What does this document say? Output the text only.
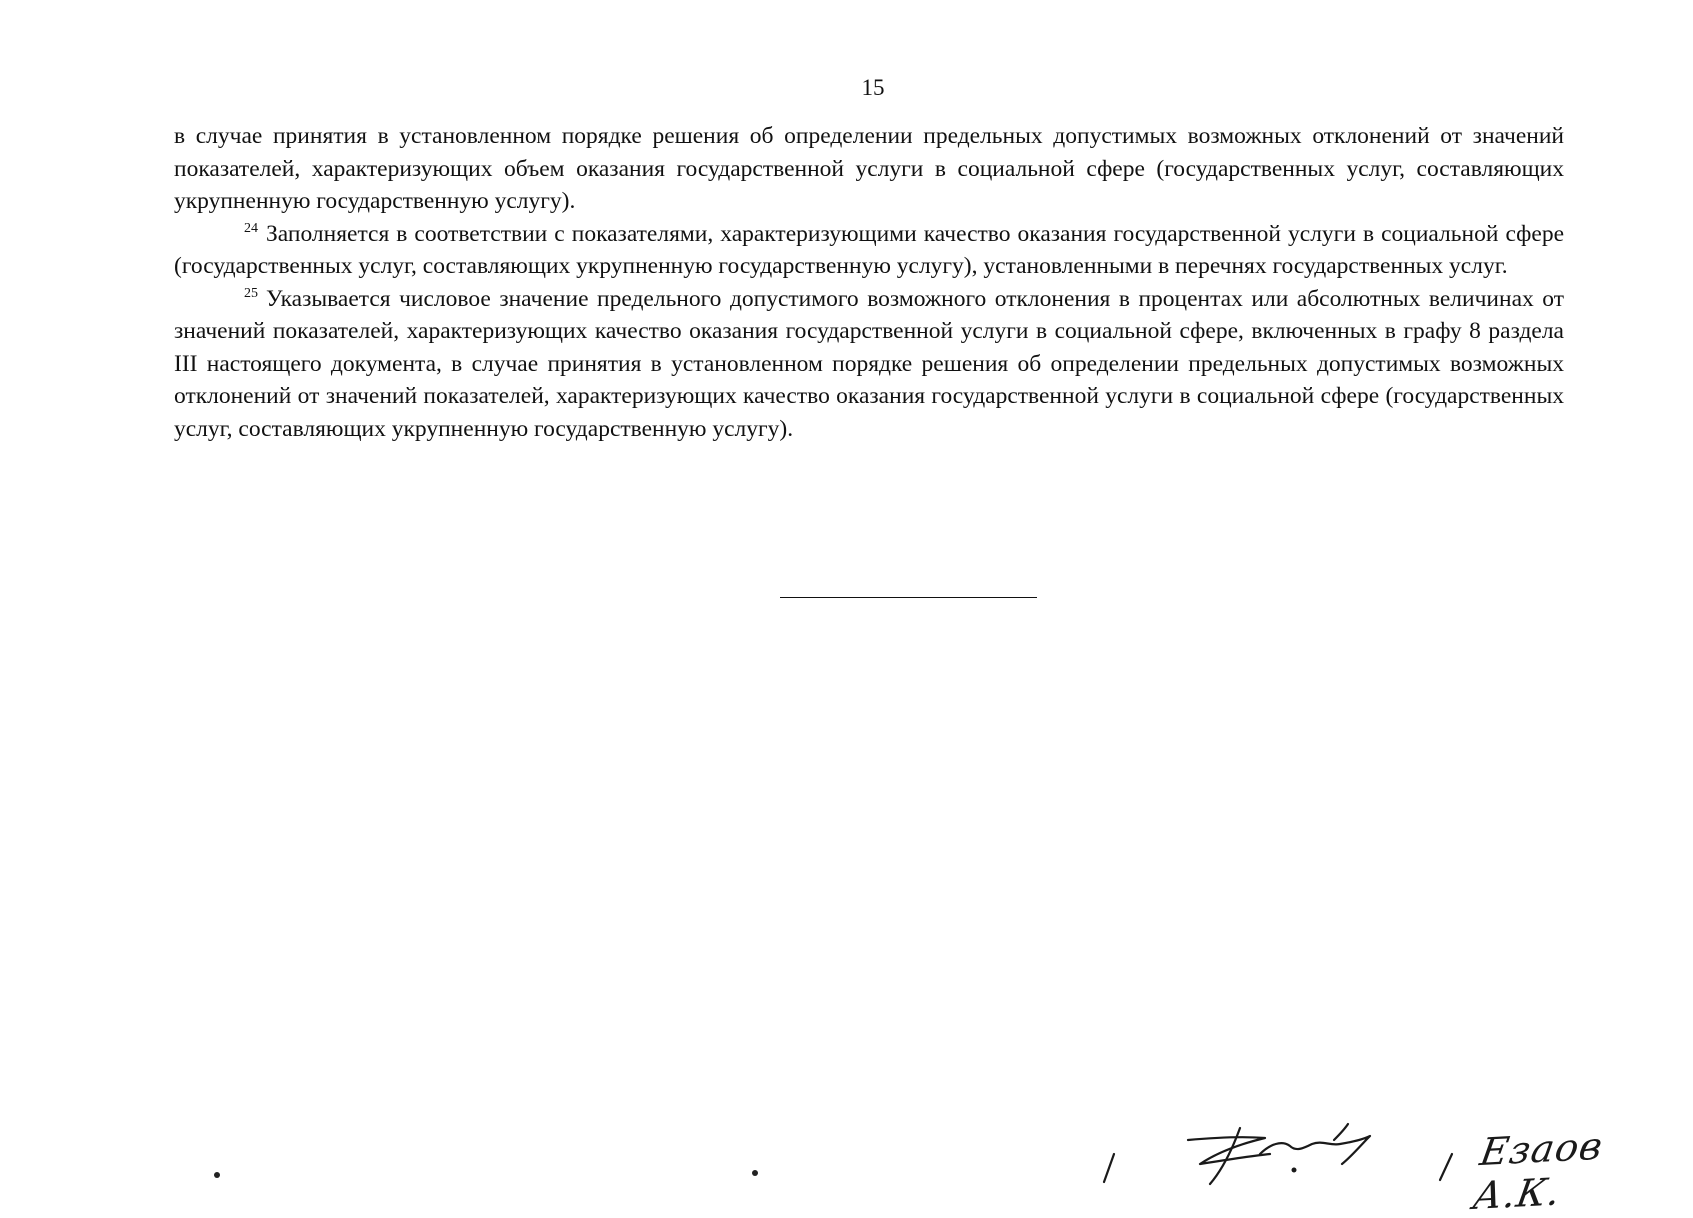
15

в случае принятия в установленном порядке решения об определении предельных допустимых возможных отклонений от значений показателей, характеризующих объем оказания государственной услуги в социальной сфере (государственных услуг, составляющих укрупненную государственную услугу).

$^{24}$ Заполняется в соответствии с показателями, характеризующими качество оказания государственной услуги в социальной сфере (государственных услуг, составляющих укрупненную государственную услугу), установленными в перечнях государственных услуг.

$^{25}$ Указывается числовое значение предельного допустимого возможного отклонения в процентах или абсолютных величинах от значений показателей, характеризующих качество оказания государственной услуги в социальной сфере, включенных в графу 8 раздела III настоящего документа, в случае принятия в установленном порядке решения об определении предельных допустимых возможных отклонений от значений показателей, характеризующих качество оказания государственной услуги в социальной сфере (государственных услуг, составляющих укрупненную государственную услугу).

Езаов А.К.
